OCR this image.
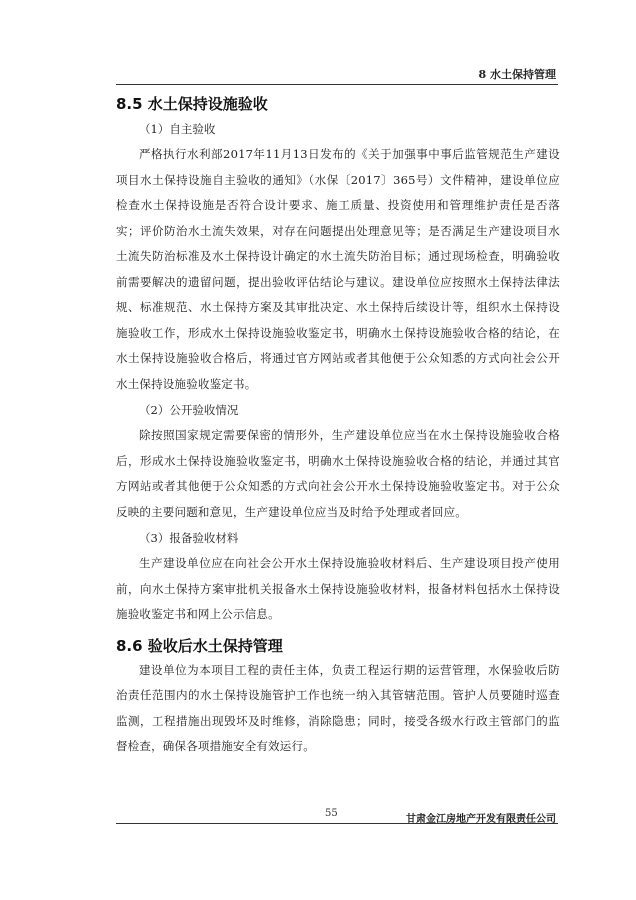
8 水土保持管理
8.5 水土保持设施验收

（1）自主验收

严格执行水利部2017年11月13日发布的《关于加强事中事后监管规范生产建设项目水土保持设施自主验收的通知》（水保〔2017〕365号）文件精神，建设单位应检查水土保持设施是否符合设计要求、施工质量、投资使用和管理维护责任是否落实；评价防治水土流失效果，对存在问题提出处理意见等；是否满足生产建设项目水土流失防治标准及水土保持设计确定的水土流失防治目标；通过现场检查，明确验收前需要解决的遗留问题，提出验收评估结论与建议。建设单位应按照水土保持法律法规、标准规范、水土保持方案及其审批决定、水土保持后续设计等，组织水土保持设施验收工作，形成水土保持设施验收鉴定书，明确水土保持设施验收合格的结论，在水土保持设施验收合格后，将通过官方网站或者其他便于公众知悉的方式向社会公开水土保持设施验收鉴定书。

（2）公开验收情况

除按照国家规定需要保密的情形外，生产建设单位应当在水土保持设施验收合格后，形成水土保持设施验收鉴定书，明确水土保持设施验收合格的结论，并通过其官方网站或者其他便于公众知悉的方式向社会公开水土保持设施验收鉴定书。对于公众反映的主要问题和意见，生产建设单位应当及时给予处理或者回应。

（3）报备验收材料

生产建设单位应在向社会公开水土保持设施验收材料后、生产建设项目投产使用前，向水土保持方案审批机关报备水土保持设施验收材料，报备材料包括水土保持设施验收鉴定书和网上公示信息。

8.6 验收后水土保持管理

建设单位为本项目工程的责任主体，负责工程运行期的运营管理，水保验收后防治责任范围内的水土保持设施管护工作也统一纳入其管辖范围。管护人员要随时巡查监测，工程措施出现毁坏及时维修，消除隐患；同时，接受各级水行政主管部门的监督检查，确保各项措施安全有效运行。

55
甘肃金江房地产开发有限责任公司
